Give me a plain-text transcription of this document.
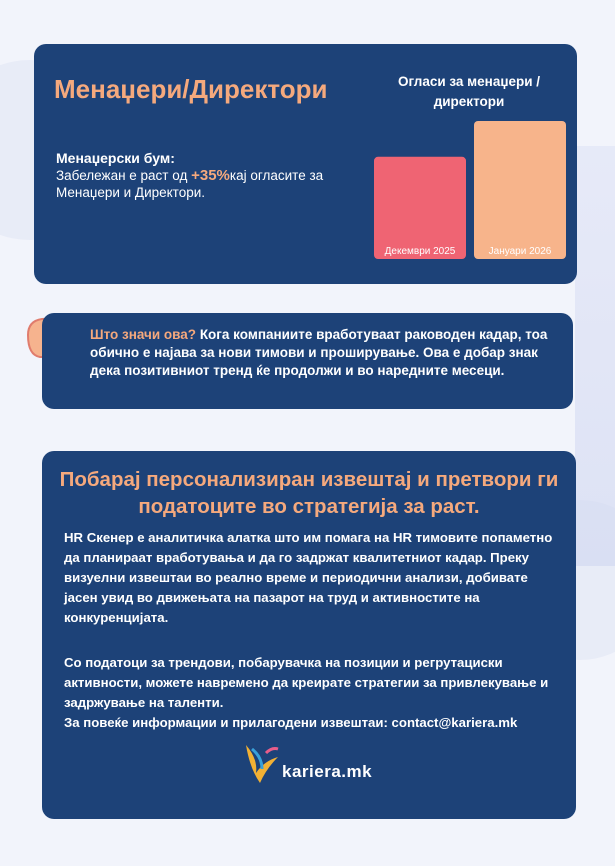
Менаџери/Директори
Менаџерски бум:
Забележан е раст од +35%кај огласите за Менаџери и Директори.
Огласи за менаџери / директори
Декември 2025	Јануари 2026
Што значи ова? Кога компаниите вработуваат раководен кадар, тоа обично е најава за нови тимови и проширување. Ова е добар знак дека позитивниот тренд ќе продолжи и во наредните месеци.
Побарај персонализиран извештај и претвори ги податоците во стратегија за раст.
HR Скенер е аналитичка алатка што им помага на HR тимовите попаметно да планираат вработувања и да го задржат квалитетниот кадар. Преку визуелни извештаи во реално време и периодични анализи, добивате јасен увид во движењата на пазарот на труд и активностите на конкуренцијата.
Со податоци за трендови, побарувачка на позиции и регрутациски активности, можете навремено да креирате стратегии за привлекување и задржување на таленти.
За повеќе информации и прилагодени извештаи: contact@kariera.mk
kariera.mk
